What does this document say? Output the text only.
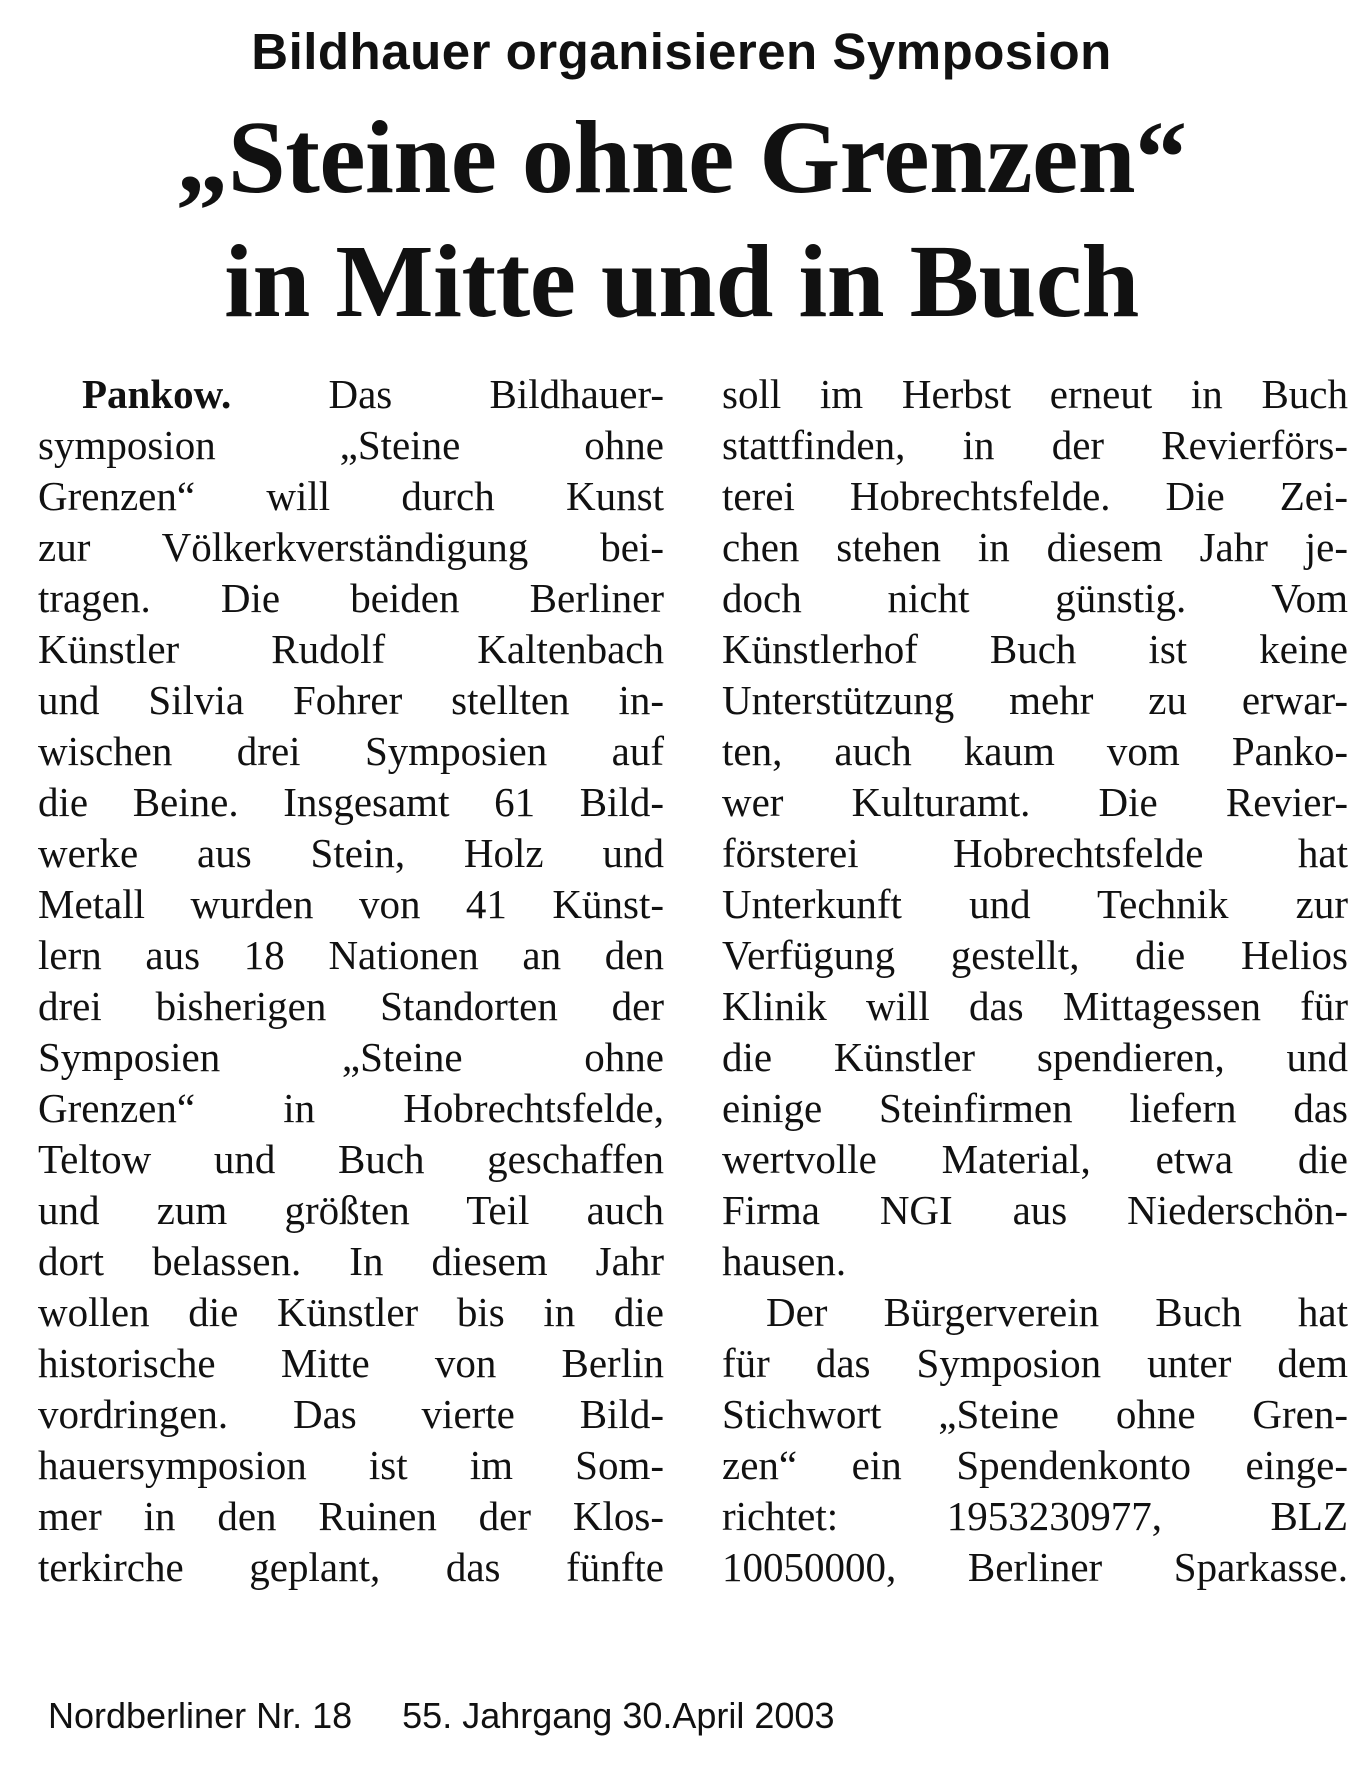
Bildhauer organisieren Symposion
„Steine ohne Grenzen“
in Mitte und in Buch
Pankow. Das Bildhauer-
symposion „Steine ohne
Grenzen“ will durch Kunst
zur Völkerkverständigung bei-
tragen. Die beiden Berliner
Künstler Rudolf Kaltenbach
und Silvia Fohrer stellten in-
wischen drei Symposien auf
die Beine. Insgesamt 61 Bild-
werke aus Stein, Holz und
Metall wurden von 41 Künst-
lern aus 18 Nationen an den
drei bisherigen Standorten der
Symposien „Steine ohne
Grenzen“ in Hobrechtsfelde,
Teltow und Buch geschaffen
und zum größten Teil auch
dort belassen. In diesem Jahr
wollen die Künstler bis in die
historische Mitte von Berlin
vordringen. Das vierte Bild-
hauersymposion ist im Som-
mer in den Ruinen der Klos-
terkirche geplant, das fünfte
soll im Herbst erneut in Buch
stattfinden, in der Revierförs-
terei Hobrechtsfelde. Die Zei-
chen stehen in diesem Jahr je-
doch nicht günstig. Vom
Künstlerhof Buch ist keine
Unterstützung mehr zu erwar-
ten, auch kaum vom Panko-
wer Kulturamt. Die Revier-
försterei Hobrechtsfelde hat
Unterkunft und Technik zur
Verfügung gestellt, die Helios
Klinik will das Mittagessen für
die Künstler spendieren, und
einige Steinfirmen liefern das
wertvolle Material, etwa die
Firma NGI aus Niederschön-
hausen.
Der Bürgerverein Buch hat
für das Symposion unter dem
Stichwort „Steine ohne Gren-
zen“ ein Spendenkonto einge-
richtet: 1953230977, BLZ
10050000, Berliner Sparkasse.
Nordberliner Nr. 18 55. Jahrgang 30.April 2003
